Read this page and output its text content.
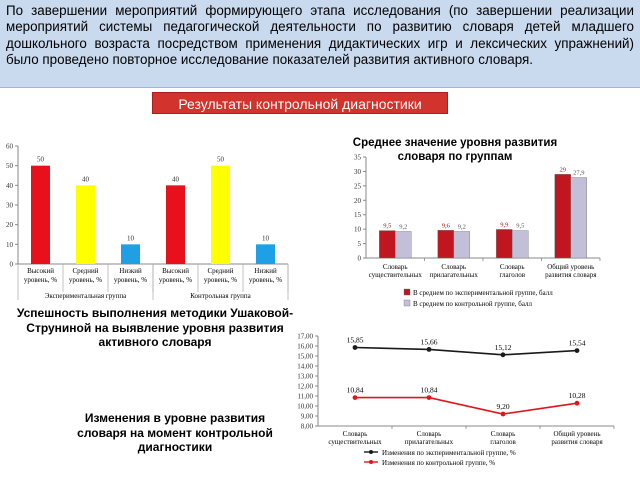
По завершении мероприятий формирующего этапа исследования (по завершении реализации мероприятий системы педагогической деятельности по развитию словаря детей младшего дошкольного возраста посредством применения дидактических игр и лексических упражнений) было проведено повторное исследование показателей развития активного словаря.
Результаты контрольной диагностики
0
10
20
30
40
50
60
50
Высокий уровень, %
40
Средний уровень, %
10
Низкий уровень, %
40
Высокий уровень, %
50
Средний уровень, %
10
Низкий уровень, %
Экспериментальная группа	Контрольная группа
0
5
10
15
20
25
30
35
9,5 9,2
Словарь существительных
9,6 9,2
Словарь прилагательных
9,9 9,5
Словарь глаголов
29 27,9
Общий уровень развития словаря
В среднем по экспериментальной группе, балл
В среднем по контрольной группе, балл
8,00
9,00
10,00
11,00
12,00
13,00
14,00
15,00
16,00
17,00
Словарь существительных
Словарь прилагательных
Словарь глаголов
Общий уровень развития словаря
15,85	15,66
15,12	15,54
Изменения по экспериментальной группе, %
10,84	10,84
9,20
10,28
Изменения по контрольной группе, %
Среднее значение уровня развития словаря по группам
Успешность выполнения методики Ушаковой-Струниной на выявление уровня развития активного словаря
Изменения в уровне развития словаря на момент контрольной диагностики
